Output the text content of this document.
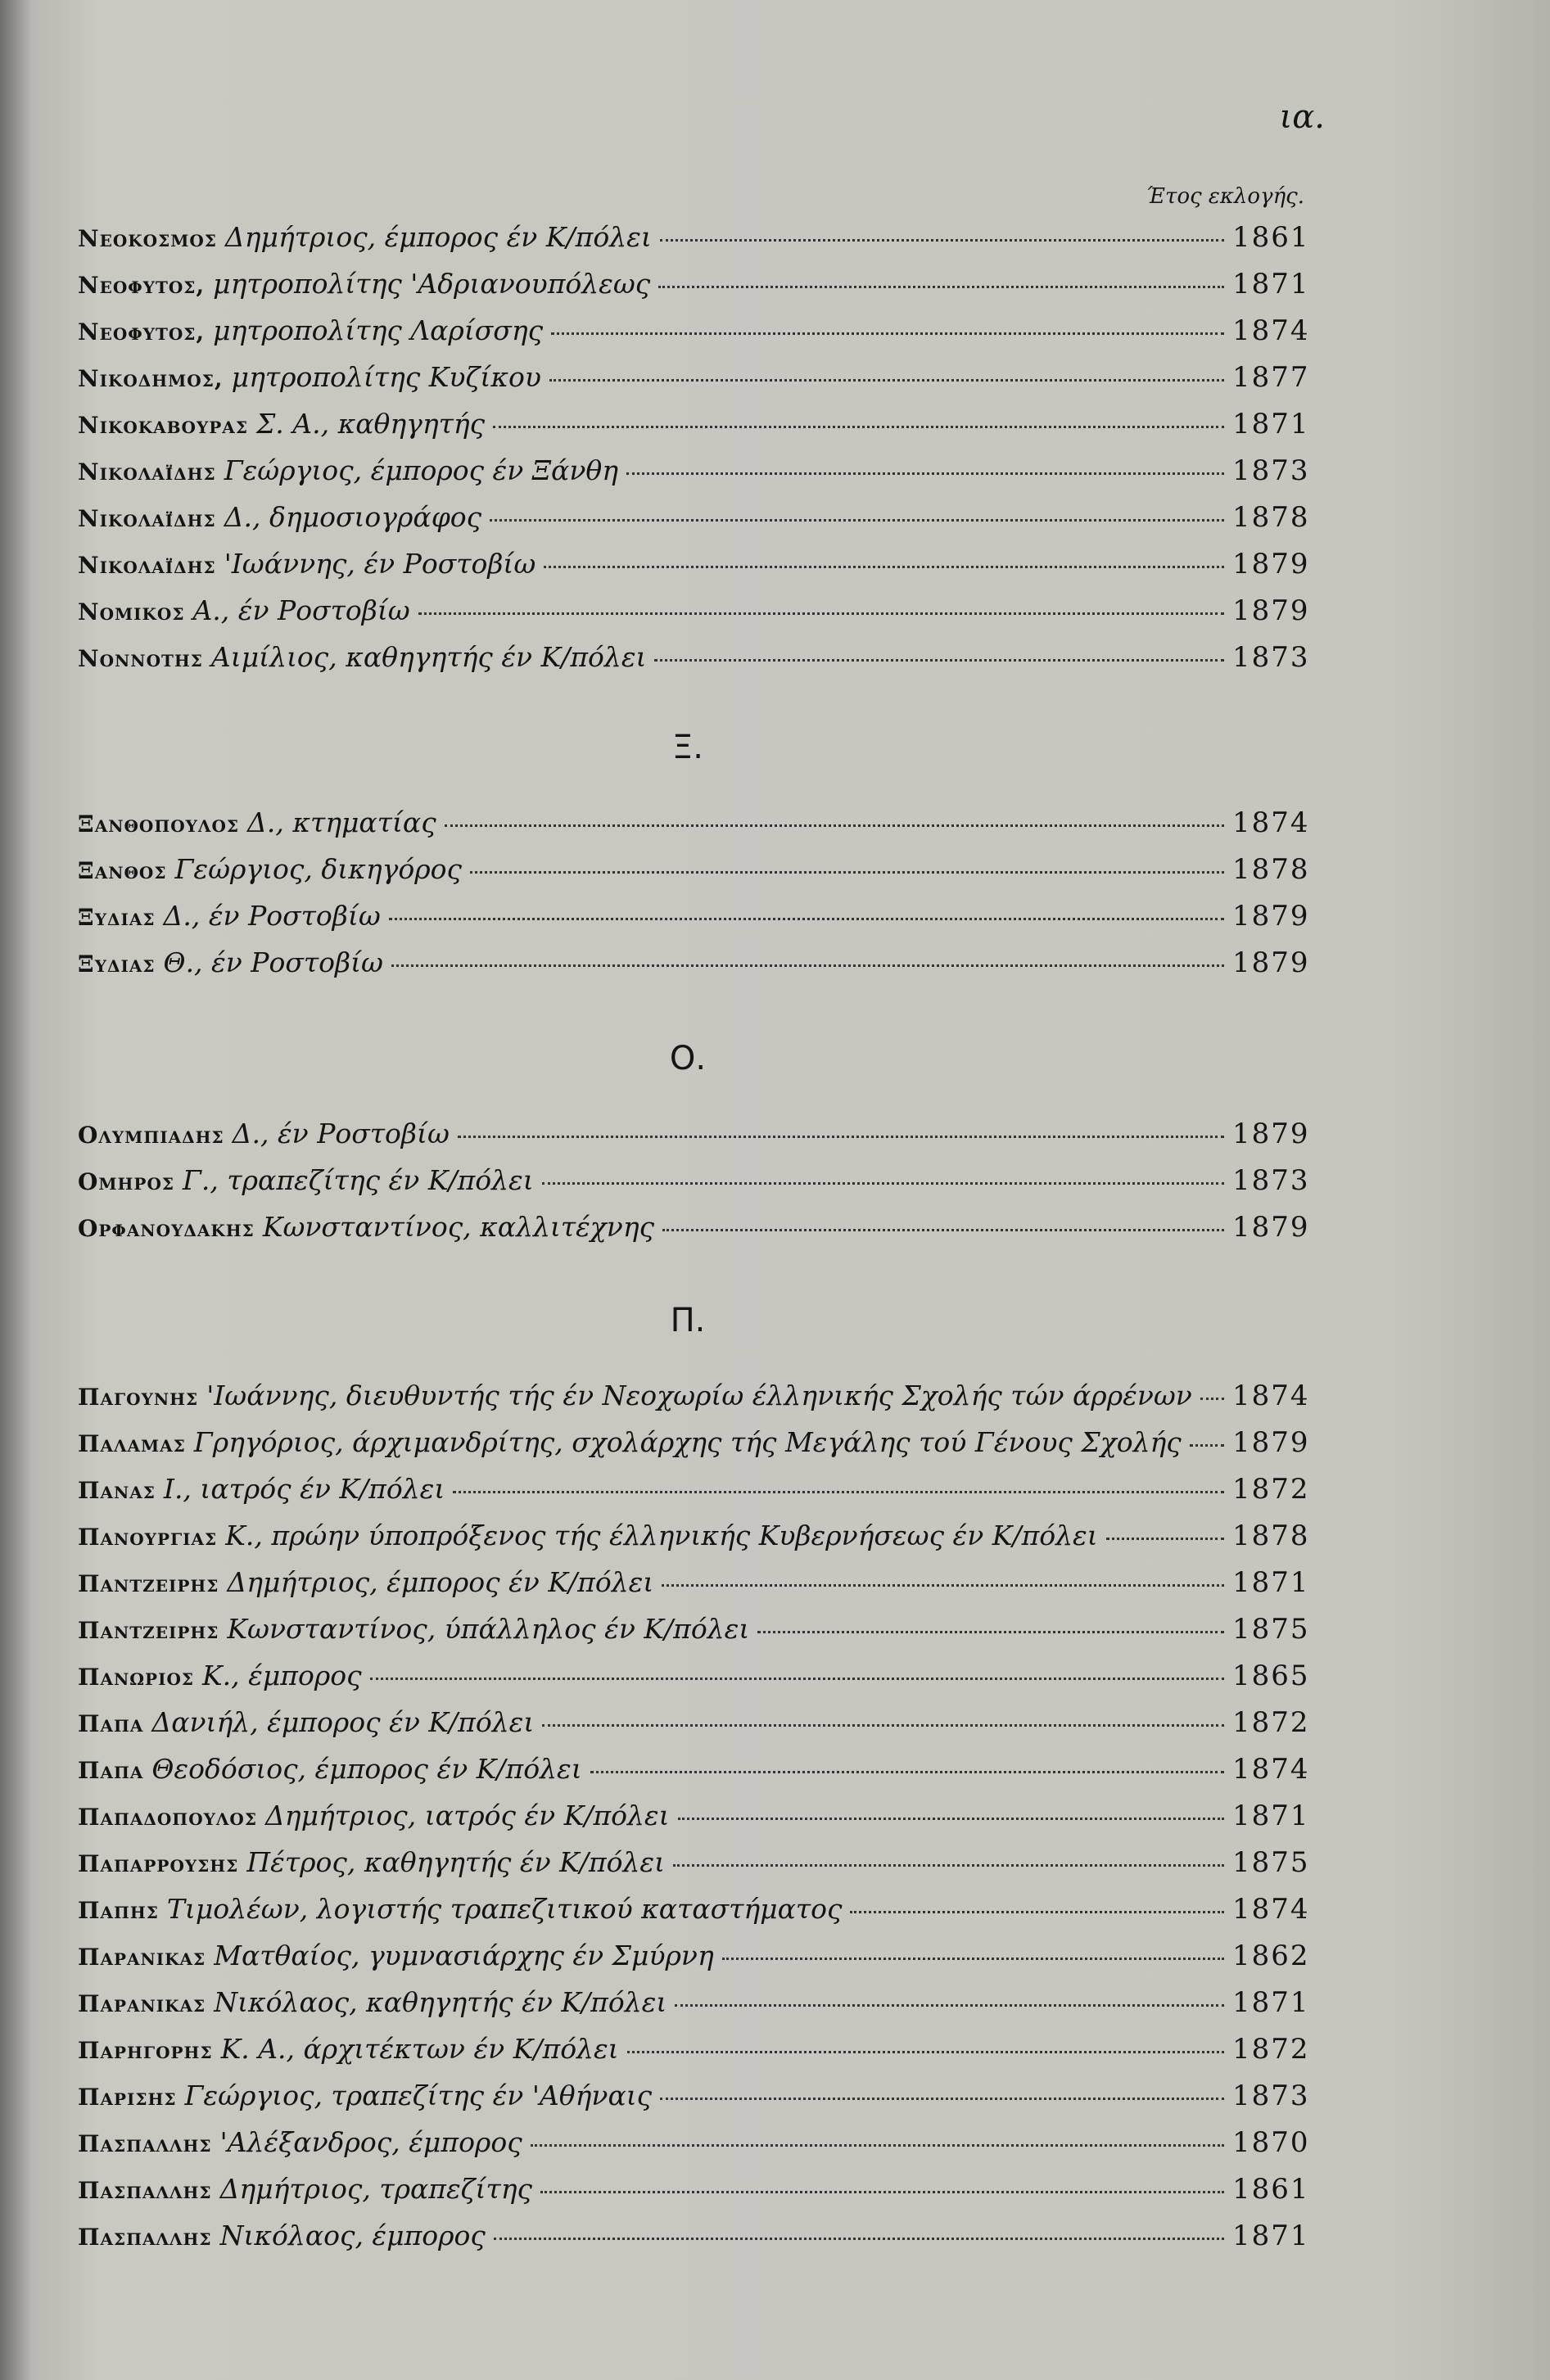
ια.
Έτος εκλογής.
Νεοκοσμος Δημήτριος, έμπορος έν Κ/πόλει	1861
Νεοφυτος, μητροπολίτης 'Αδριανουπόλεως	1871
Νεοφυτος, μητροπολίτης Λαρίσσης	1874
Νικοδημος, μητροπολίτης Κυζίκου	1877
Νικοκαβουρας Σ. Α., καθηγητής	1871
Νικολαΐδης Γεώργιος, έμπορος έν Ξάνθη	1873
Νικολαΐδης Δ., δημοσιογράφος	1878
Νικολαΐδης 'Ιωάννης, έν Ροστοβίω	1879
Νομικος Α., έν Ροστοβίω	1879
Νοννοτης Αιμίλιος, καθηγητής έν Κ/πόλει	1873
Ξ.
Ξανθοπουλος Δ., κτηματίας	1874
Ξανθος Γεώργιος, δικηγόρος	1878
Ξυδιας Δ., έν Ροστοβίω	1879
Ξυδιας Θ., έν Ροστοβίω	1879
Ο.
Ολυμπιαδης Δ., έν Ροστοβίω	1879
Ομηρος Γ., τραπεζίτης έν Κ/πόλει	1873
Ορφανουδακης Κωνσταντίνος, καλλιτέχνης	1879
Π.
Παγουνης 'Ιωάννης, διευθυντής τής έν Νεοχωρίω έλληνικής Σχολής τών άρρένων 1874
Παλαμας Γρηγόριος, άρχιμανδρίτης, σχολάρχης τής Μεγάλης τού Γένους Σχολής 1879
Πανας Ι., ιατρός έν Κ/πόλει	1872
Πανουργιας Κ., πρώην ύποπρόξενος τής έλληνικής Κυβερνήσεως έν Κ/πόλει	1878
Παντζειρης Δημήτριος, έμπορος έν Κ/πόλει	1871
Παντζειρης Κωνσταντίνος, ύπάλληλος έν Κ/πόλει	1875
Πανωριος Κ., έμπορος	1865
Παπα Δανιήλ, έμπορος έν Κ/πόλει	1872
Παπα Θεοδόσιος, έμπορος έν Κ/πόλει	1874
Παπαδοπουλος Δημήτριος, ιατρός έν Κ/πόλει	1871
Παπαρρουσης Πέτρος, καθηγητής έν Κ/πόλει	1875
Παπης Τιμολέων, λογιστής τραπεζιτικού καταστήματος	1874
Παρανικας Ματθαίος, γυμνασιάρχης έν Σμύρνη	1862
Παρανικας Νικόλαος, καθηγητής έν Κ/πόλει	1871
Παρηγορης Κ. Α., άρχιτέκτων έν Κ/πόλει	1872
Παρισης Γεώργιος, τραπεζίτης έν 'Αθήναις	1873
Πασπαλλης 'Αλέξανδρος, έμπορος	1870
Πασπαλλης Δημήτριος, τραπεζίτης	1861
Πασπαλλης Νικόλαος, έμπορος	1871
